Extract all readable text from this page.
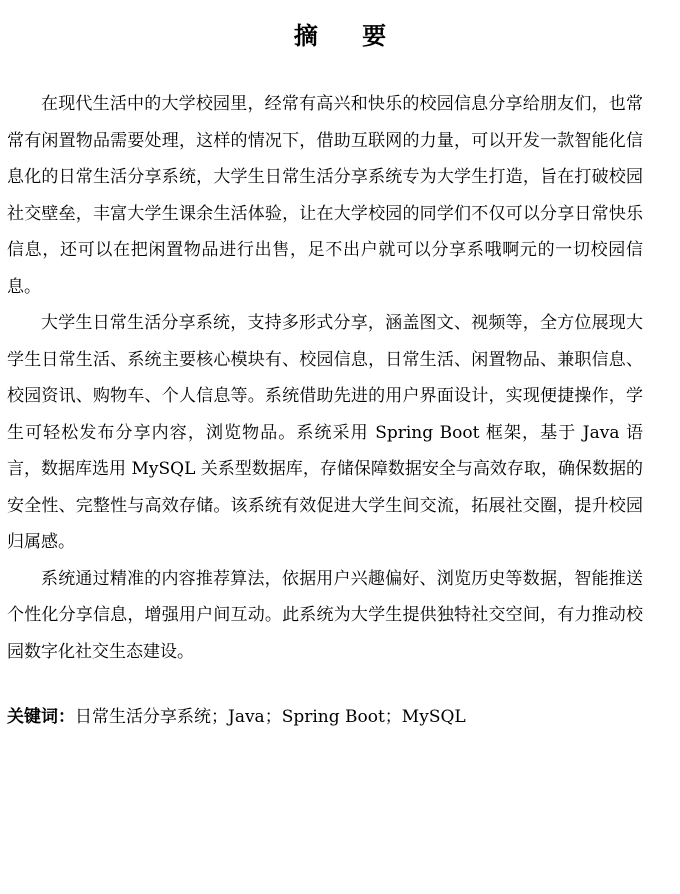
摘 要

在现代生活中的大学校园里，经常有高兴和快乐的校园信息分享给朋友们，也常常有闲置物品需要处理，这样的情况下，借助互联网的力量，可以开发一款智能化信息化的日常生活分享系统，大学生日常生活分享系统专为大学生打造，旨在打破校园社交壁垒，丰富大学生课余生活体验，让在大学校园的同学们不仅可以分享日常快乐信息，还可以在把闲置物品进行出售，足不出户就可以分享系哦啊元的一切校园信息。

大学生日常生活分享系统，支持多形式分享，涵盖图文、视频等，全方位展现大学生日常生活、系统主要核心模块有、校园信息，日常生活、闲置物品、兼职信息、校园资讯、购物车、个人信息等。系统借助先进的用户界面设计，实现便捷操作，学生可轻松发布分享内容，浏览物品。系统采用 Spring Boot 框架，基于 Java 语言，数据库选用 MySQL 关系型数据库，存储保障数据安全与高效存取，确保数据的安全性、完整性与高效存储。该系统有效促进大学生间交流，拓展社交圈，提升校园归属感。

系统通过精准的内容推荐算法，依据用户兴趣偏好、浏览历史等数据，智能推送个性化分享信息，增强用户间互动。此系统为大学生提供独特社交空间，有力推动校园数字化社交生态建设。

关键词：日常生活分享系统；Java；Spring Boot；MySQL
